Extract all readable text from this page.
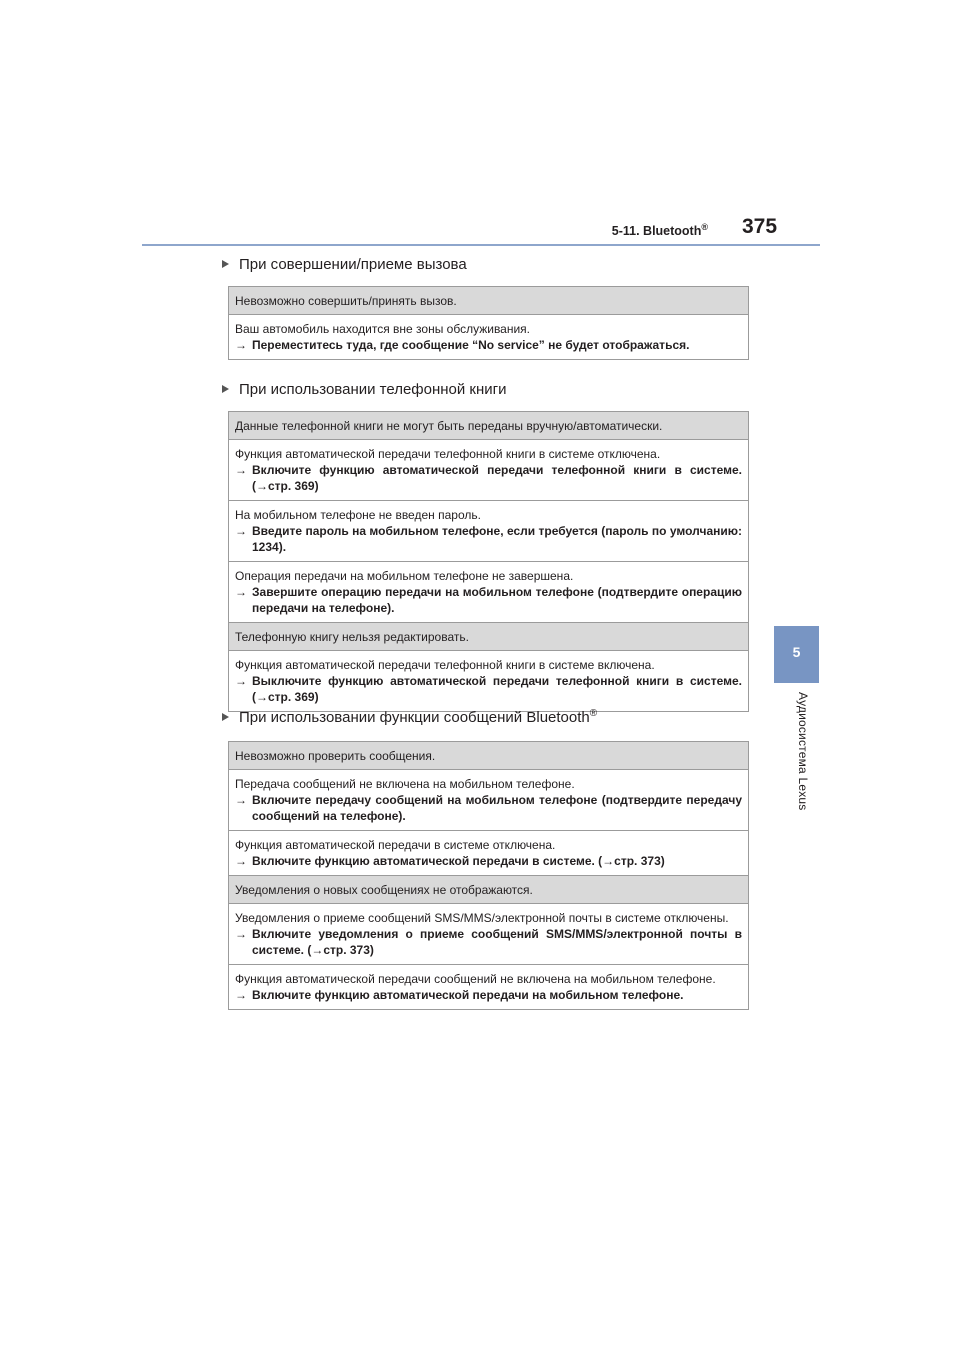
5-11. Bluetooth® 375
5
Аудиосистема Lexus
При совершении/приеме вызова
Невозможно совершить/принять вызов.
Ваш автомобиль находится вне зоны обслуживания.
→ Переместитесь туда, где сообщение “No service” не будет отображаться.
При использовании телефонной книги
Данные телефонной книги не могут быть переданы вручную/автоматически.
Функция автоматической передачи телефонной книги в системе отключена.
→ Включите функцию автоматической передачи телефонной книги в системе. (→стр. 369)
На мобильном телефоне не введен пароль.
→ Введите пароль на мобильном телефоне, если требуется (пароль по умолчанию: 1234).
Операция передачи на мобильном телефоне не завершена.
→ Завершите операцию передачи на мобильном телефоне (подтвердите операцию передачи на телефоне).
Телефонную книгу нельзя редактировать.
Функция автоматической передачи телефонной книги в системе включена.
→ Выключите функцию автоматической передачи телефонной книги в системе. (→стр. 369)
При использовании функции сообщений Bluetooth®
Невозможно проверить сообщения.
Передача сообщений не включена на мобильном телефоне.
→ Включите передачу сообщений на мобильном телефоне (подтвердите передачу сообщений на телефоне).
Функция автоматической передачи в системе отключена.
→ Включите функцию автоматической передачи в системе. (→стр. 373)
Уведомления о новых сообщениях не отображаются.
Уведомления о приеме сообщений SMS/MMS/электронной почты в системе отключены.
→ Включите уведомления о приеме сообщений SMS/MMS/электронной почты в системе. (→стр. 373)
Функция автоматической передачи сообщений не включена на мобильном телефоне.
→ Включите функцию автоматической передачи на мобильном телефоне.
